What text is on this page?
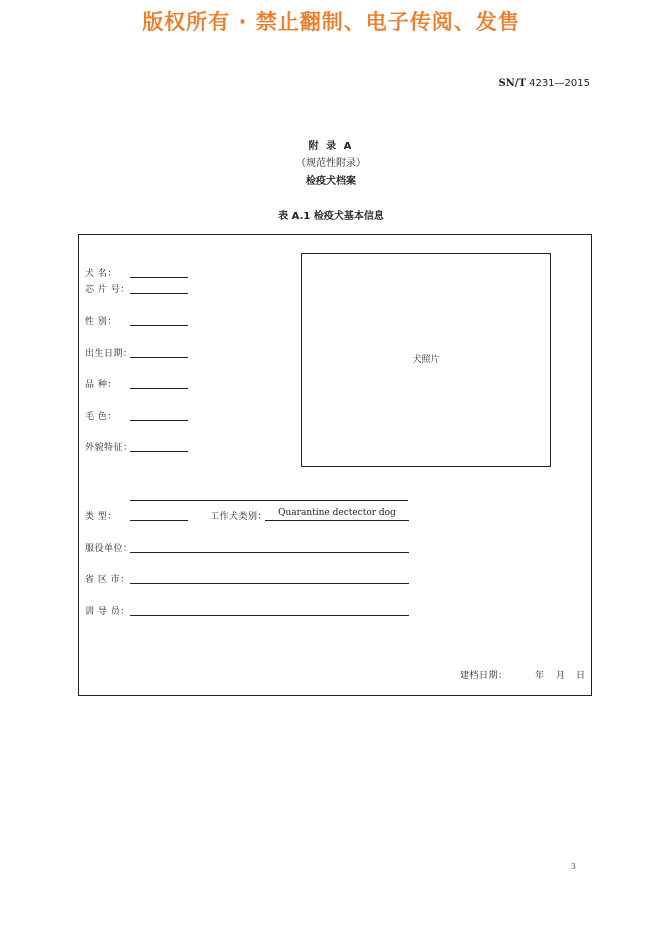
版权所有 · 禁止翻制、电子传阅、发售
SN/T 4231—2015
附 录 A
（规范性附录）
检疫犬档案
表 A.1 检疫犬基本信息
犬照片
犬 名：
芯 片 号：
性 别：
出生日期：
品 种：
毛 色：
外貌特征：
类 型：	工作犬类别：	Quarantine dectector dog
服役单位：
省 区 市：
训 导 员：
建档日期：	年 月 日
3
